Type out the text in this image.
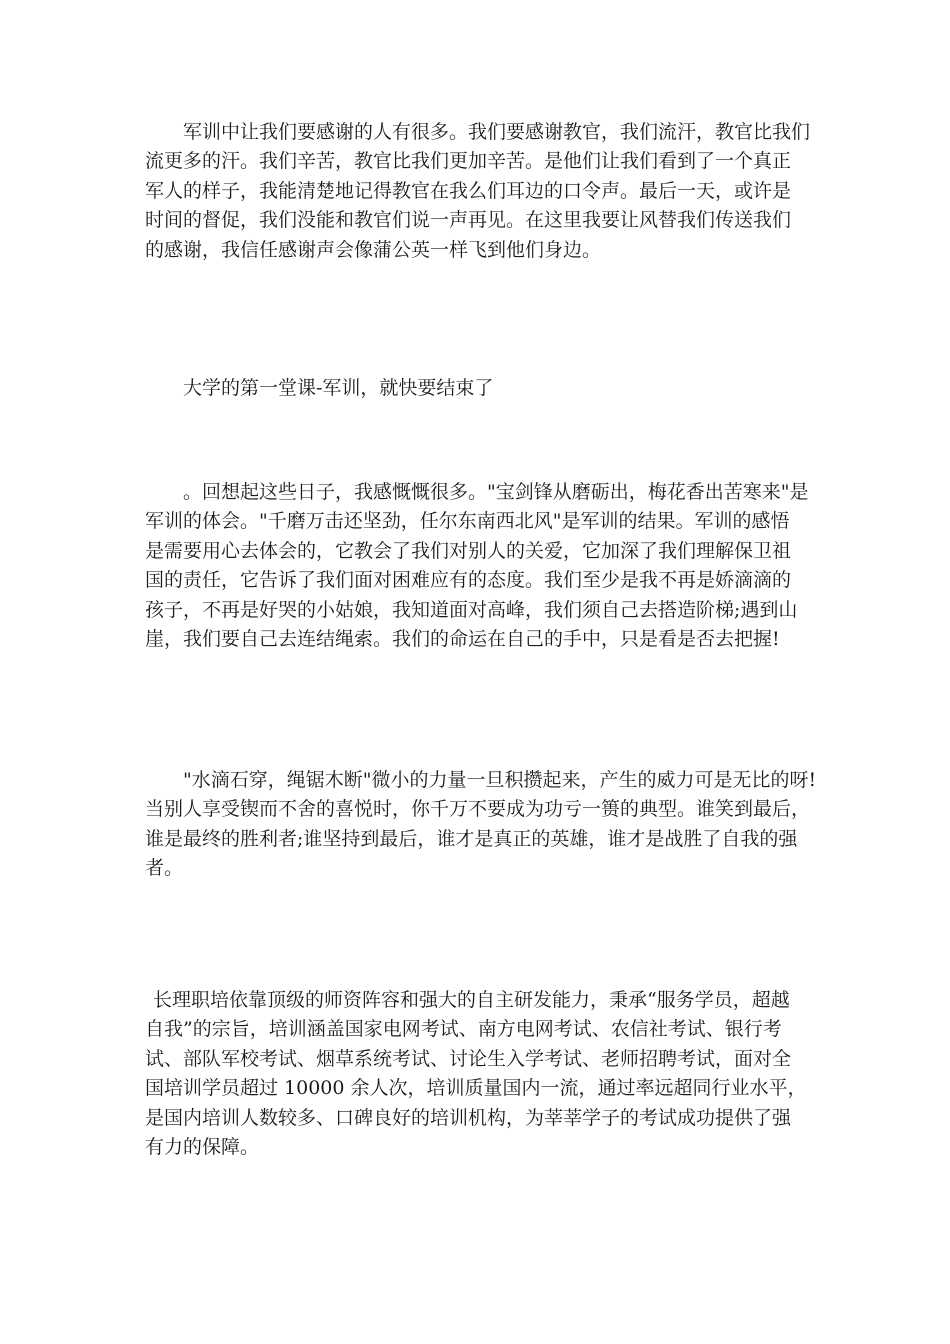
军训中让我们要感谢的人有很多。我们要感谢教官，我们流汗，教官比我们
流更多的汗。我们辛苦，教官比我们更加辛苦。是他们让我们看到了一个真正
军人的样子，我能清楚地记得教官在我么们耳边的口令声。最后一天，或许是
时间的督促，我们没能和教官们说一声再见。在这里我要让风替我们传送我们
的感谢，我信任感谢声会像蒲公英一样飞到他们身边。
大学的第一堂课-军训，就快要结束了
。回想起这些日子，我感慨慨很多。"宝剑锋从磨砺出，梅花香出苦寒来"是
军训的体会。"千磨万击还坚劲，任尔东南西北风"是军训的结果。军训的感悟
是需要用心去体会的，它教会了我们对别人的关爱，它加深了我们理解保卫祖
国的责任，它告诉了我们面对困难应有的态度。我们至少是我不再是娇滴滴的
孩子，不再是好哭的小姑娘，我知道面对高峰，我们须自己去搭造阶梯;遇到山
崖，我们要自己去连结绳索。我们的命运在自己的手中，只是看是否去把握!
"水滴石穿，绳锯木断"微小的力量一旦积攒起来，产生的威力可是无比的呀!
当别人享受锲而不舍的喜悦时，你千万不要成为功亏一篑的典型。谁笑到最后，
谁是最终的胜利者;谁坚持到最后，谁才是真正的英雄，谁才是战胜了自我的强
者。
长理职培依靠顶级的师资阵容和强大的自主研发能力，秉承“服务学员，超越
自我”的宗旨，培训涵盖国家电网考试、南方电网考试、农信社考试、银行考
试、部队军校考试、烟草系统考试、讨论生入学考试、老师招聘考试，面对全
国培训学员超过 10000 余人次，培训质量国内一流，通过率远超同行业水平，
是国内培训人数较多、口碑良好的培训机构，为莘莘学子的考试成功提供了强
有力的保障。
